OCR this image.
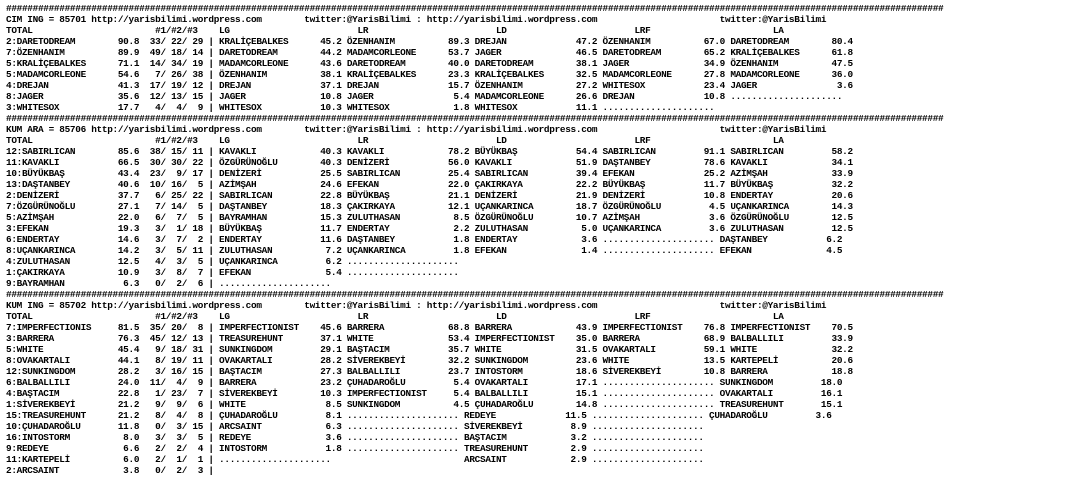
################################################################################################################################################################################
CIM ING = 85701 http://yarisbilimi.wordpress.com        twitter:@YarisBilimi : http://yarisbilimi.wordpress.com                       twitter:@YarisBilimi
TOTAL                       #1/#2/#3    LG                        LR                        LD                        LRF                       LA
2:DARETODREAM        90.8  33/ 22/ 29 | KRALİÇEBALKES      45.2 ÖZENHANIM          89.3 DREJAN             47.2 ÖZENHANIM          67.0 DARETODREAM        80.4
7:ÖZENHANIM          89.9  49/ 18/ 14 | DARETODREAM        44.2 MADAMCORLEONE      53.7 JAGER              46.5 DARETODREAM        65.2 KRALİÇEBALKES      61.8
5:KRALİÇEBALKES      71.1  14/ 34/ 19 | MADAMCORLEONE      43.6 DARETODREAM        40.0 DARETODREAM        38.1 JAGER              34.9 ÖZENHANIM          47.5
5:MADAMCORLEONE      54.6   7/ 26/ 38 | ÖZENHANIM          38.1 KRALİÇEBALKES      23.3 KRALİÇEBALKES      32.5 MADAMCORLEONE      27.8 MADAMCORLEONE      36.0
4:DREJAN             41.3  17/ 19/ 12 | DREJAN             37.1 DREJAN             15.7 ÖZENHANIM          27.2 WHITESOX           23.4 JAGER               3.6
8:JAGER              35.6  12/ 13/ 15 | JAGER              10.8 JAGER               5.4 MADAMCORLEONE      26.6 DREJAN             10.8 .....................
3:WHITESOX           17.7   4/  4/  9 | WHITESOX           10.3 WHITESOX            1.8 WHITESOX           11.1 .....................
################################################################################################################################################################################
KUM ARA = 85706 http://yarisbilimi.wordpress.com        twitter:@YarisBilimi : http://yarisbilimi.wordpress.com                       twitter:@YarisBilimi
TOTAL                       #1/#2/#3    LG                        LR                        LD                        LRF                       LA
12:SABIRLICAN        85.6  38/ 15/ 11 | KAVAKLI            40.3 KAVAKLI            78.2 BÜYÜKBAŞ           54.4 SABIRLICAN         91.1 SABIRLICAN         58.2
11:KAVAKLI           66.5  30/ 30/ 22 | ÖZGÜRÜNOĞLU        40.3 DENİZERİ           56.0 KAVAKLI            51.9 DAŞTANBEY          78.6 KAVAKLI            34.1
10:BÜYÜKBAŞ          43.4  23/  9/ 17 | DENİZERİ           25.5 SABIRLICAN         25.4 SABIRLICAN         39.4 EFEKAN             25.2 AZİMŞAH            33.9
13:DAŞTANBEY         40.6  10/ 16/  5 | AZİMŞAH            24.6 EFEKAN             22.0 ÇAKIRKAYA          22.2 BÜYÜKBAŞ           11.7 BÜYÜKBAŞ           32.2
2:DENİZERİ           37.7   6/ 25/ 22 | SABIRLICAN         22.8 BÜYÜKBAŞ           21.1 DENİZERİ           21.9 DENİZERİ           10.8 ENDERTAY           20.6
7:ÖZGÜRÜNOĞLU        27.1   7/ 14/  5 | DAŞTANBEY          18.3 ÇAKIRKAYA          12.1 UÇANKARINCA        18.7 ÖZGÜRÜNOĞLU         4.5 UÇANKARINCA        14.3
5:AZİMŞAH            22.0   6/  7/  5 | BAYRAMHAN          15.3 ZULUTHASAN          8.5 ÖZGÜRÜNOĞLU        10.7 AZİMŞAH             3.6 ÖZGÜRÜNOĞLU        12.5
3:EFEKAN             19.3   3/  1/ 18 | BÜYÜKBAŞ           11.7 ENDERTAY            2.2 ZULUTHASAN          5.0 UÇANKARINCA         3.6 ZULUTHASAN         12.5
6:ENDERTAY           14.6   3/  7/  2 | ENDERTAY           11.6 DAŞTANBEY           1.8 ENDERTAY            3.6 ..................... DAŞTANBEY           6.2
8:UÇANKARINCA        14.2   3/  5/ 11 | ZULUTHASAN          7.2 UÇANKARINCA         1.8 EFEKAN              1.4 ..................... EFEKAN              4.5
4:ZULUTHASAN         12.5   4/  3/  5 | UÇANKARINCA         6.2 .....................
1:ÇAKIRKAYA          10.9   3/  8/  7 | EFEKAN              5.4 .....................
9:BAYRAMHAN           6.3   0/  2/  6 | .....................
################################################################################################################################################################################
KUM ING = 85702 http://yarisbilimi.wordpress.com        twitter:@YarisBilimi : http://yarisbilimi.wordpress.com                       twitter:@YarisBilimi
TOTAL                       #1/#2/#3    LG                        LR                        LD                        LRF                       LA
7:IMPERFECTIONIS     81.5  35/ 20/  8 | IMPERFECTIONIST    45.6 BARRERA            68.8 BARRERA            43.9 IMPERFECTIONIST    76.8 IMPERFECTIONIST    70.5
3:BARRERA            76.3  45/ 12/ 13 | TREASUREHUNT       37.1 WHITE              53.4 IMPERFECTIONIST    35.0 BARRERA            68.9 BALBALLILI         33.9
5:WHITE              45.4   9/ 18/ 31 | SUNKINGDOM         29.1 BAŞTACIM           35.7 WHITE              31.5 OVAKARTALI         59.1 WHITE              32.2
8:OVAKARTALI         44.1   8/ 19/ 11 | OVAKARTALI         28.2 SİVEREKBEYİ        32.2 SUNKINGDOM         23.6 WHITE              13.5 KARTEPELİ          20.6
12:SUNKINGDOM        28.2   3/ 16/ 15 | BAŞTACIM           27.3 BALBALLILI         23.7 INTOSTORM          18.6 SİVEREKBEYİ        10.8 BARRERA            18.8
6:BALBALLILI         24.0  11/  4/  9 | BARRERA            23.2 ÇUHADAROĞLU         5.4 OVAKARTALI         17.1 ..................... SUNKINGDOM         18.0
4:BAŞTACIM           22.8   1/ 23/  7 | SİVEREKBEYİ        10.3 IMPERFECTIONIST     5.4 BALBALLILI         15.1 ..................... OVAKARTALI         16.1
1:SİVEREKBEYİ        21.2   9/  9/  6 | WHITE               8.5 SUNKINGDOM          4.5 ÇUHADAROĞLU        14.8 ..................... TREASUREHUNT       15.1
15:TREASUREHUNT      21.2   8/  4/  8 | ÇUHADAROĞLU         8.1 ..................... REDEYE             11.5 ..................... ÇUHADAROĞLU         3.6
10:ÇUHADAROĞLU       11.8   0/  3/ 15 | ARCSAINT            6.3 ..................... SİVEREKBEYİ         8.9 .....................
16:INTOSTORM          8.0   3/  3/  5 | REDEYE              3.6 ..................... BAŞTACIM            3.2 .....................
9:REDEYE              6.6   2/  2/  4 | INTOSTORM           1.8 ..................... TREASUREHUNT        2.9 .....................
11:KARTEPELİ          6.0   2/  1/  1 | .....................                         ARCSAINT            2.9 .....................
2:ARCSAINT            3.8   0/  2/  3 |
